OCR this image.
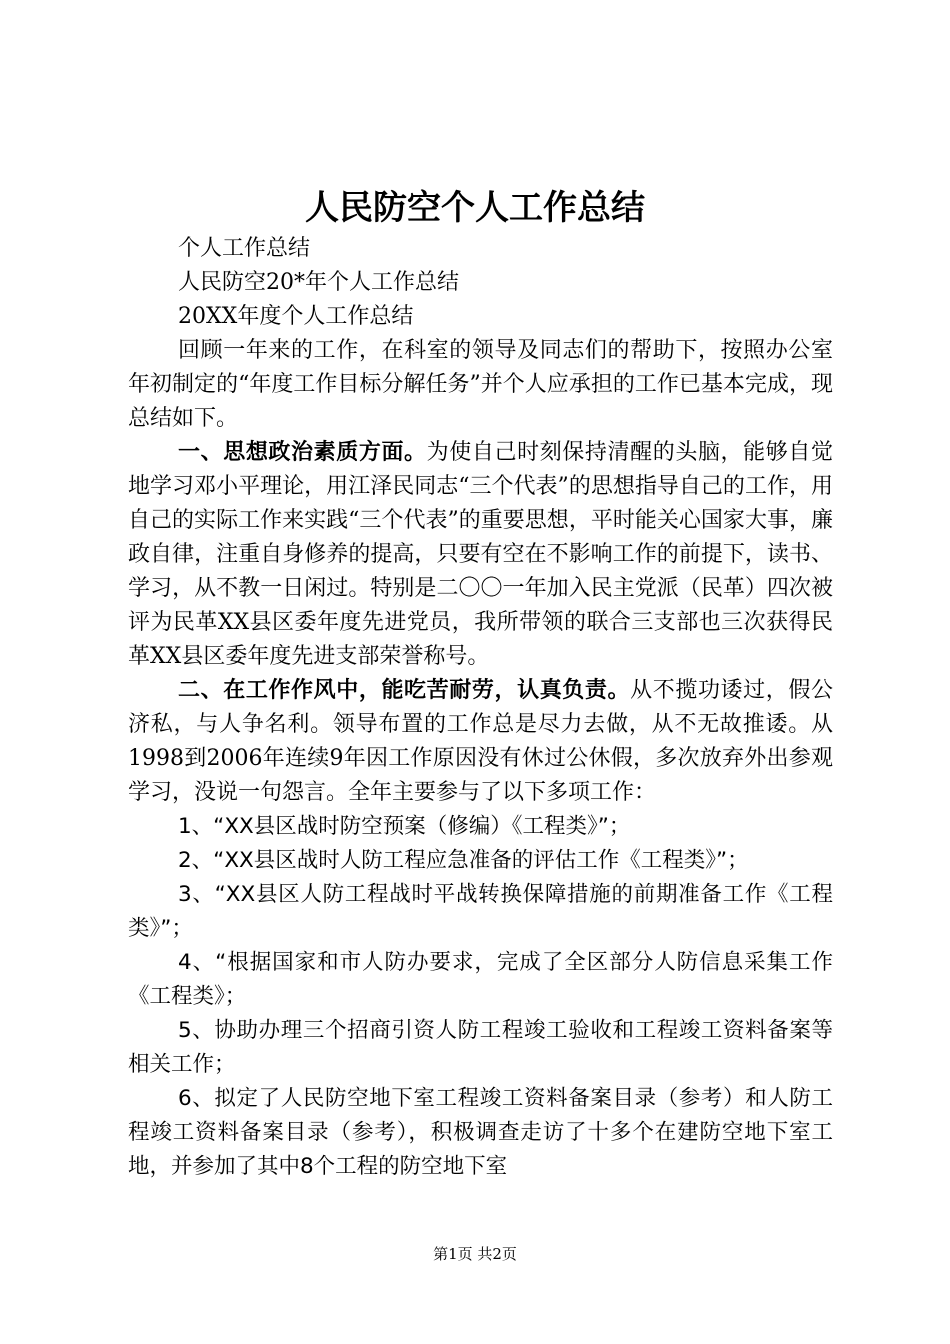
人民防空个人工作总结

个人工作总结

人民防空20*年个人工作总结

20XX年度个人工作总结

回顾一年来的工作，在科室的领导及同志们的帮助下，按照办公室年初制定的“年度工作目标分解任务”并个人应承担的工作已基本完成，现总结如下。

一、思想政治素质方面。为使自己时刻保持清醒的头脑，能够自觉地学习邓小平理论，用江泽民同志“三个代表”的思想指导自己的工作，用自己的实际工作来实践“三个代表”的重要思想，平时能关心国家大事，廉政自律，注重自身修养的提高，只要有空在不影响工作的前提下，读书、学习，从不教一日闲过。特别是二〇〇一年加入民主党派（民革）四次被评为民革XX县区委年度先进党员，我所带领的联合三支部也三次获得民革XX县区委年度先进支部荣誉称号。

二、在工作作风中，能吃苦耐劳，认真负责。从不揽功诿过，假公济私，与人争名利。领导布置的工作总是尽力去做，从不无故推诿。从1998到2006年连续9年因工作原因没有休过公休假，多次放弃外出参观学习，没说一句怨言。全年主要参与了以下多项工作：

1、“XX县区战时防空预案（修编）《工程类》”；

2、“XX县区战时人防工程应急准备的评估工作《工程类》”；

3、“XX县区人防工程战时平战转换保障措施的前期准备工作《工程类》”；

4、“根据国家和市人防办要求，完成了全区部分人防信息采集工作《工程类》；

5、协助办理三个招商引资人防工程竣工验收和工程竣工资料备案等相关工作；

6、拟定了人民防空地下室工程竣工资料备案目录（参考）和人防工程竣工资料备案目录（参考），积极调查走访了十多个在建防空地下室工地，并参加了其中8个工程的防空地下室

第1页 共2页
